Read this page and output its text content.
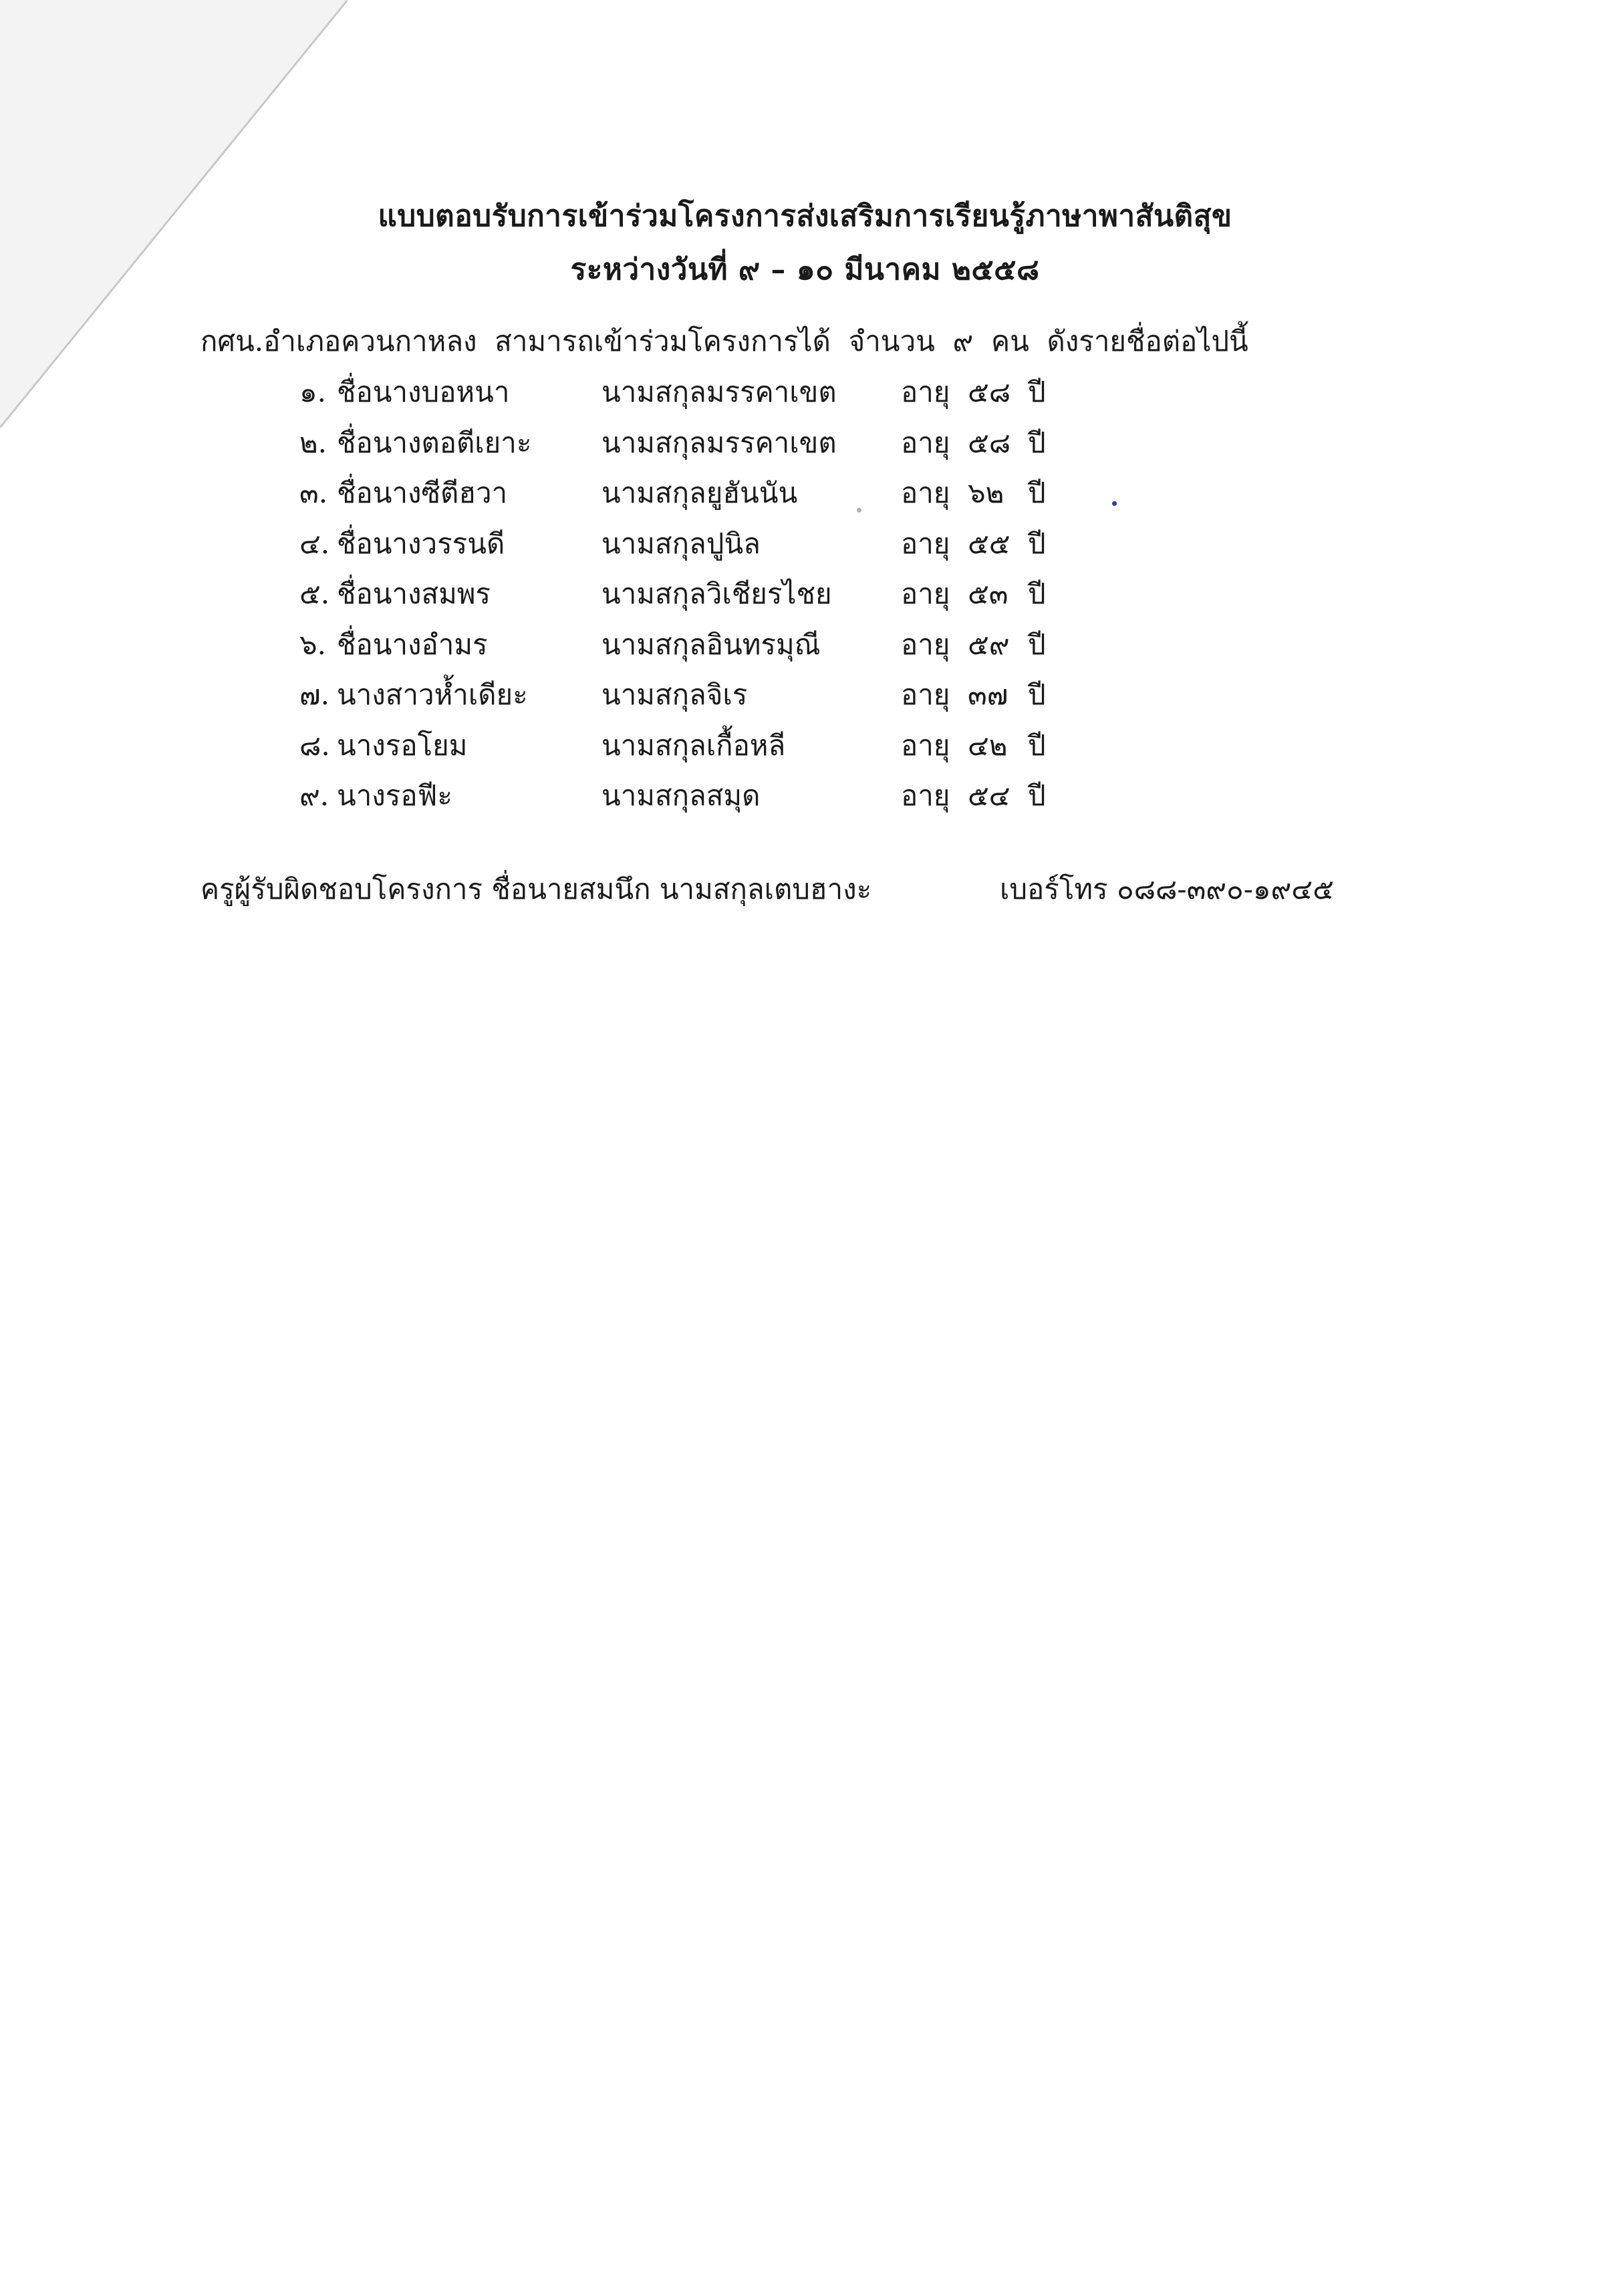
แบบตอบรับการเข้าร่วมโครงการส่งเสริมการเรียนรู้ภาษาพาสันติสุข
ระหว่างวันที่ ๙ – ๑๐ มีนาคม ๒๕๕๘
กศน.อำเภอควนกาหลง  สามารถเข้าร่วมโครงการได้  จำนวน  ๙  คน  ดังรายชื่อต่อไปนี้
๑. ชื่อนางบอหนา	นามสกุลมรรคาเขต อายุ ๕๘ ปี
๒. ชื่อนางตอตีเยาะ นามสกุลมรรคาเขต อายุ ๕๘ ปี
๓. ชื่อนางซีตีฮวา	นามสกุลยูฮันนัน	อายุ ๖๒ ปี
๔. ชื่อนางวรรนดี	นามสกุลปูนิล	อายุ ๕๕ ปี
๕. ชื่อนางสมพร	นามสกุลวิเชียรไชย อายุ ๕๓ ปี
๖. ชื่อนางอำมร	นามสกุลอินทรมุณี	อายุ ๕๙ ปี
๗. นางสาวห้ำเดียะ	นามสกุลจิเร	อายุ ๓๗ ปี
๘. นางรอโยม	นามสกุลเกื้อหลี	อายุ ๔๒ ปี
๙. นางรอฟีะ	นามสกุลสมุด	อายุ ๕๔ ปี
ครูผู้รับผิดชอบโครงการ ชื่อนายสมนึก นามสกุลเตบฮางะ	เบอร์โทร ๐๘๘-๓๙๐-๑๙๔๕
